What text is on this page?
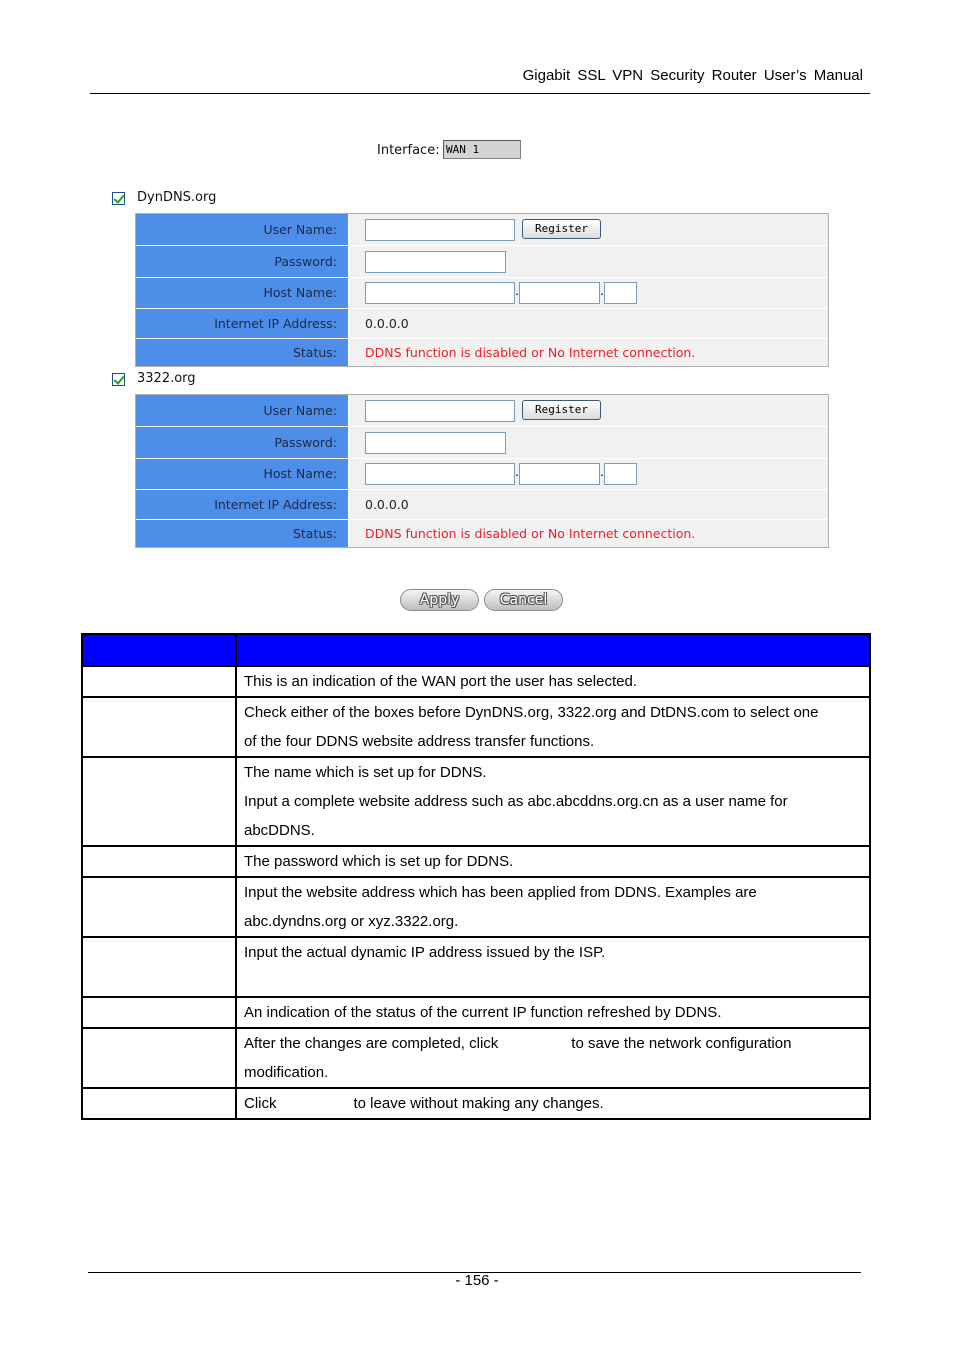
Gigabit SSL VPN Security Router User’s Manual
Interface: WAN 1
DynDNS.org
User Name:	Register
Password:
Host Name:	.	.
Internet IP Address:	0.0.0.0
Status:	DDNS function is disabled or No Internet connection.
3322.org
User Name:	Register
Password:
Host Name:	.	.
Internet IP Address:	0.0.0.0
Status:	DDNS function is disabled or No Internet connection.
Apply	Cancel

	This is an indication of the WAN port the user has selected.
	Check either of the boxes before DynDNS.org, 3322.org and DtDNS.com to select one
of the four DDNS website address transfer functions.
	The name which is set up for DDNS.
Input a complete website address such as abc.abcddns.org.cn as a user name for
abcDDNS.
	The password which is set up for DDNS.
	Input the website address which has been applied from DDNS. Examples are
abc.dyndns.org or xyz.3322.org.
	Input the actual dynamic IP address issued by the ISP.
	An indication of the status of the current IP function refreshed by DDNS.
	After the changes are completed, click to save the network configuration
modification.
	Click to leave without making any changes.
- 156 -
